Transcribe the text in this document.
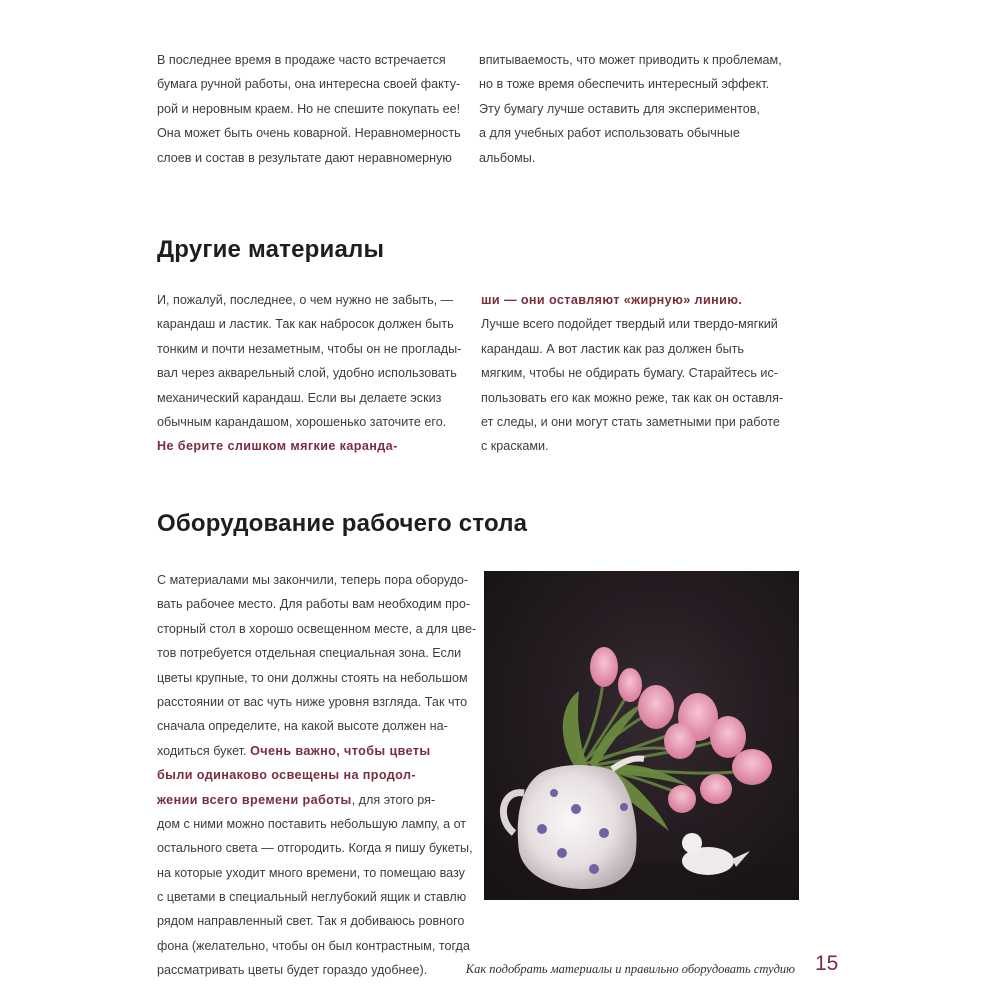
В последнее время в продаже часто встречается
бумага ручной работы, она интересна своей факту-
рой и неровным краем. Но не спешите покупать ее!
Она может быть очень коварной. Неравномерность
слоев и состав в результате дают неравномерную
впитываемость, что может приводить к проблемам,
но в тоже время обеспечить интересный эффект.
Эту бумагу лучше оставить для экспериментов,
а для учебных работ использовать обычные
альбомы.
Другие материалы
И, пожалуй, последнее, о чем нужно не забыть, —
карандаш и ластик. Так как набросок должен быть
тонким и почти незаметным, чтобы он не проглады-
вал через акварельный слой, удобно использовать
механический карандаш. Если вы делаете эскиз
обычным карандашом, хорошенько заточите его.
Не берите слишком мягкие каранда-
ши — они оставляют «жирную» линию.
Лучше всего подойдет твердый или твердо-мягкий
карандаш. А вот ластик как раз должен быть
мягким, чтобы не обдирать бумагу. Старайтесь ис-
пользовать его как можно реже, так как он оставля-
ет следы, и они могут стать заметными при работе
с красками.
Оборудование рабочего стола
С материалами мы закончили, теперь пора оборудо-
вать рабочее место. Для работы вам необходим про-
сторный стол в хорошо освещенном месте, а для цве-
тов потребуется отдельная специальная зона. Если
цветы крупные, то они должны стоять на небольшом
расстоянии от вас чуть ниже уровня взгляда. Так что
сначала определите, на какой высоте должен на-
ходиться букет. Очень важно, чтобы цветы
были одинаково освещены на продол-
жении всего времени работы, для этого ря-
дом с ними можно поставить небольшую лампу, а от
остального света — отгородить. Когда я пишу букеты,
на которые уходит много времени, то помещаю вазу
с цветами в специальный неглубокий ящик и ставлю
рядом направленный свет. Так я добиваюсь ровного
фона (желательно, чтобы он был контрастным, тогда
рассматривать цветы будет гораздо удобнее).	Как подобрать материалы и правильно оборудовать студию 15
